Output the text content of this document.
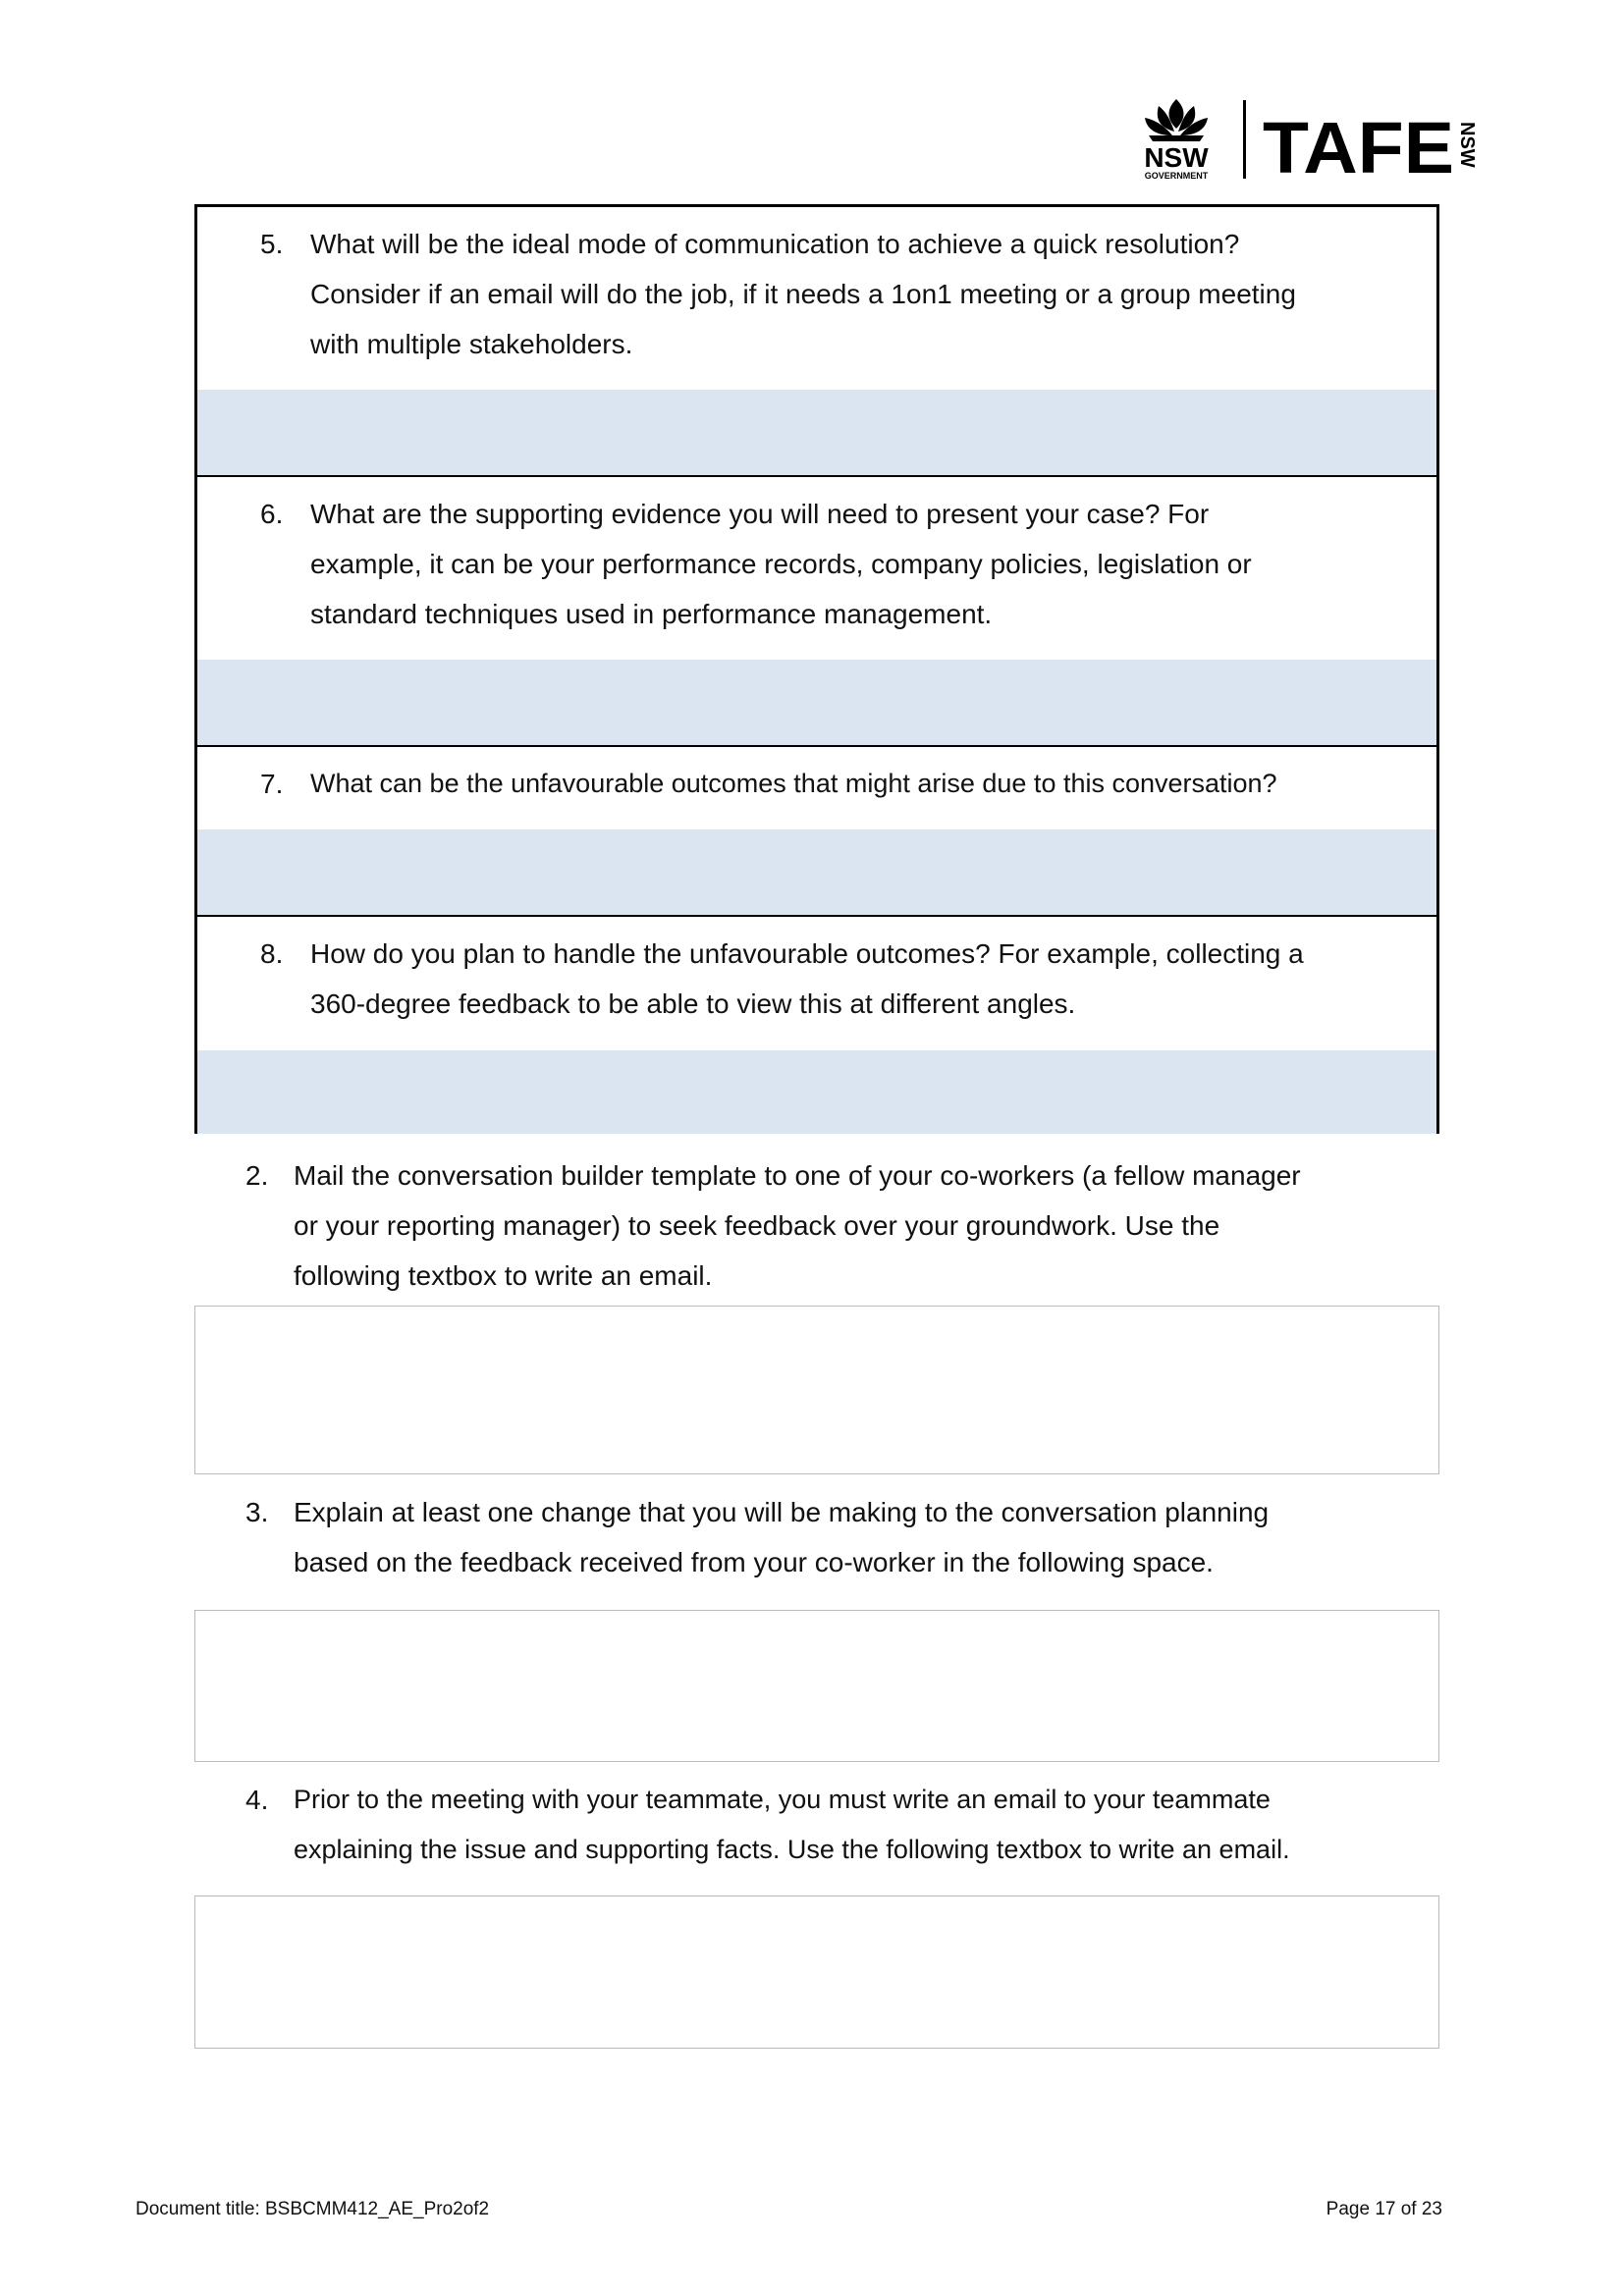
NSW
GOVERNMENT TAFE NSW
5. What will be the ideal mode of communication to achieve a quick resolution?
Consider if an email will do the job, if it needs a 1on1 meeting or a group meeting
with multiple stakeholders.
6. What are the supporting evidence you will need to present your case? For
example, it can be your performance records, company policies, legislation or
standard techniques used in performance management.
7. What can be the unfavourable outcomes that might arise due to this conversation?
8. How do you plan to handle the unfavourable outcomes? For example, collecting a
360-degree feedback to be able to view this at different angles.
2. Mail the conversation builder template to one of your co-workers (a fellow manager
or your reporting manager) to seek feedback over your groundwork. Use the
following textbox to write an email.
3. Explain at least one change that you will be making to the conversation planning
based on the feedback received from your co-worker in the following space.
4. Prior to the meeting with your teammate, you must write an email to your teammate
explaining the issue and supporting facts. Use the following textbox to write an email.
Document title: BSBCMM412_AE_Pro2of2	Page 17 of 23
